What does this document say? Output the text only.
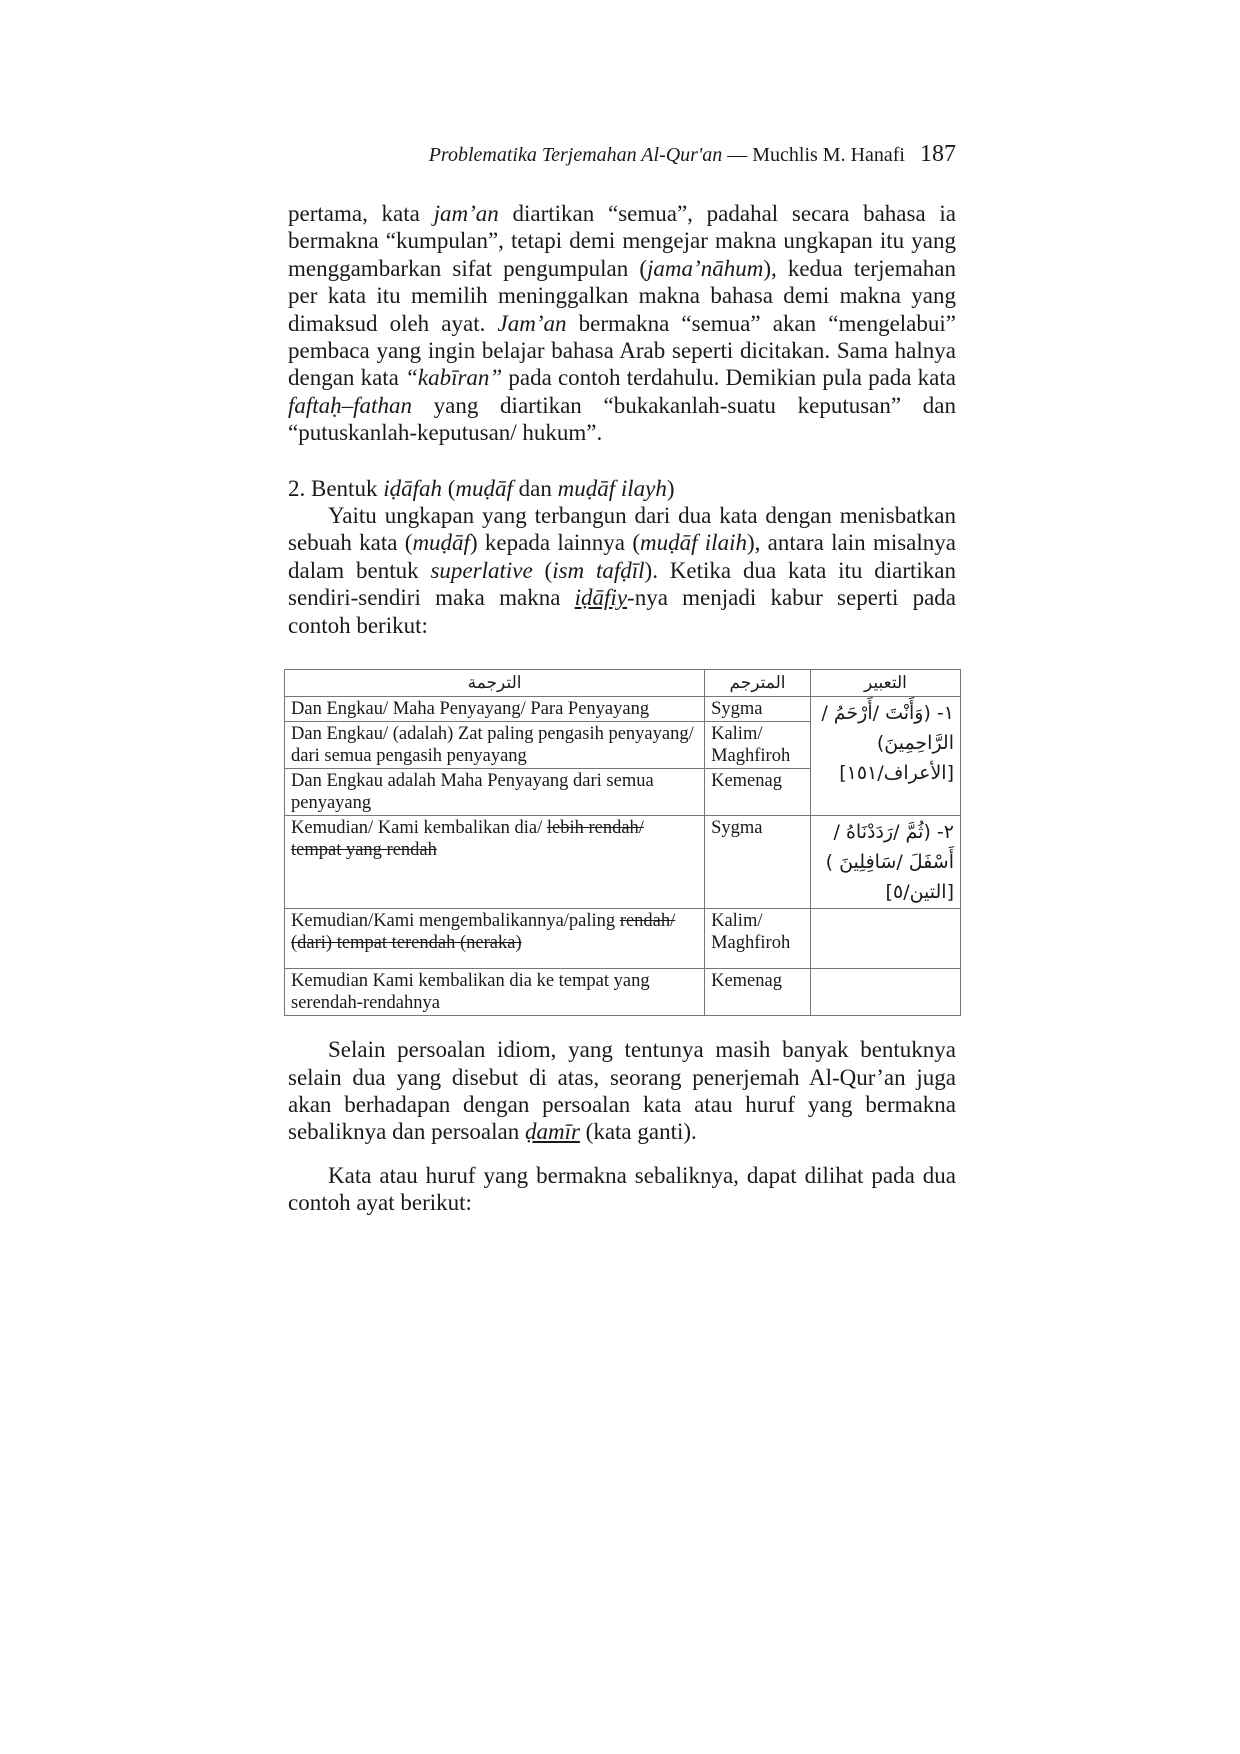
Problematika Terjemahan Al-Qur'an — Muchlis M. Hanafi 187

pertama, kata jam’an diartikan “semua”, padahal secara bahasa ia bermakna “kumpulan”, tetapi demi mengejar makna ungkapan itu yang menggambarkan sifat pengumpulan (jama’nāhum), kedua terjemahan per kata itu memilih meninggalkan makna bahasa demi makna yang dimaksud oleh ayat. Jam’an bermakna “semua” akan “mengelabui” pembaca yang ingin belajar bahasa Arab seperti dicitakan. Sama halnya dengan kata “kabīran” pada contoh terdahulu. Demikian pula pada kata faftaḥ–fathan yang diartikan “bukakanlah-suatu keputusan” dan “putuskanlah-keputusan/ hukum”.

2. Bentuk iḍāfah (muḍāf dan muḍāf ilayh)

Yaitu ungkapan yang terbangun dari dua kata dengan menisbatkan sebuah kata (muḍāf) kepada lainnya (muḍāf ilaih), antara lain misalnya dalam bentuk superlative (ism tafḍīl). Ketika dua kata itu diartikan sendiri-sendiri maka makna iḍāfiy-nya menjadi kabur seperti pada contoh berikut:

الترجمة	المترجم	التعبير
Dan Engkau/ Maha Penyayang/ Para Penyayang	Sygma	١- (وَأَنْتَ /أَرْحَمُ /الرَّاحِمِينَ) [الأعراف/١٥١]
Dan Engkau/ (adalah) Zat paling pengasih penyayang/ dari semua pengasih penyayang	Kalim/ Maghfiroh	
Dan Engkau adalah Maha Penyayang dari semua penyayang	Kemenag	
Kemudian/ Kami kembalikan dia/ lebih rendah/ tempat yang rendah	Sygma	٢- (ثُمَّ /رَدَدْنَاهُ /أَسْفَلَ /سَافِلِينَ ) [التين/٥]
Kemudian/Kami mengembalikannya/paling rendah/ (dari) tempat terendah (neraka)	Kalim/ Maghfiroh	
Kemudian Kami kembalikan dia ke tempat yang serendah-rendahnya	Kemenag	

Selain persoalan idiom, yang tentunya masih banyak bentuknya selain dua yang disebut di atas, seorang penerjemah Al-Qur’an juga akan berhadapan dengan persoalan kata atau huruf yang bermakna sebaliknya dan persoalan ḍamīr (kata ganti).

Kata atau huruf yang bermakna sebaliknya, dapat dilihat pada dua contoh ayat berikut:
